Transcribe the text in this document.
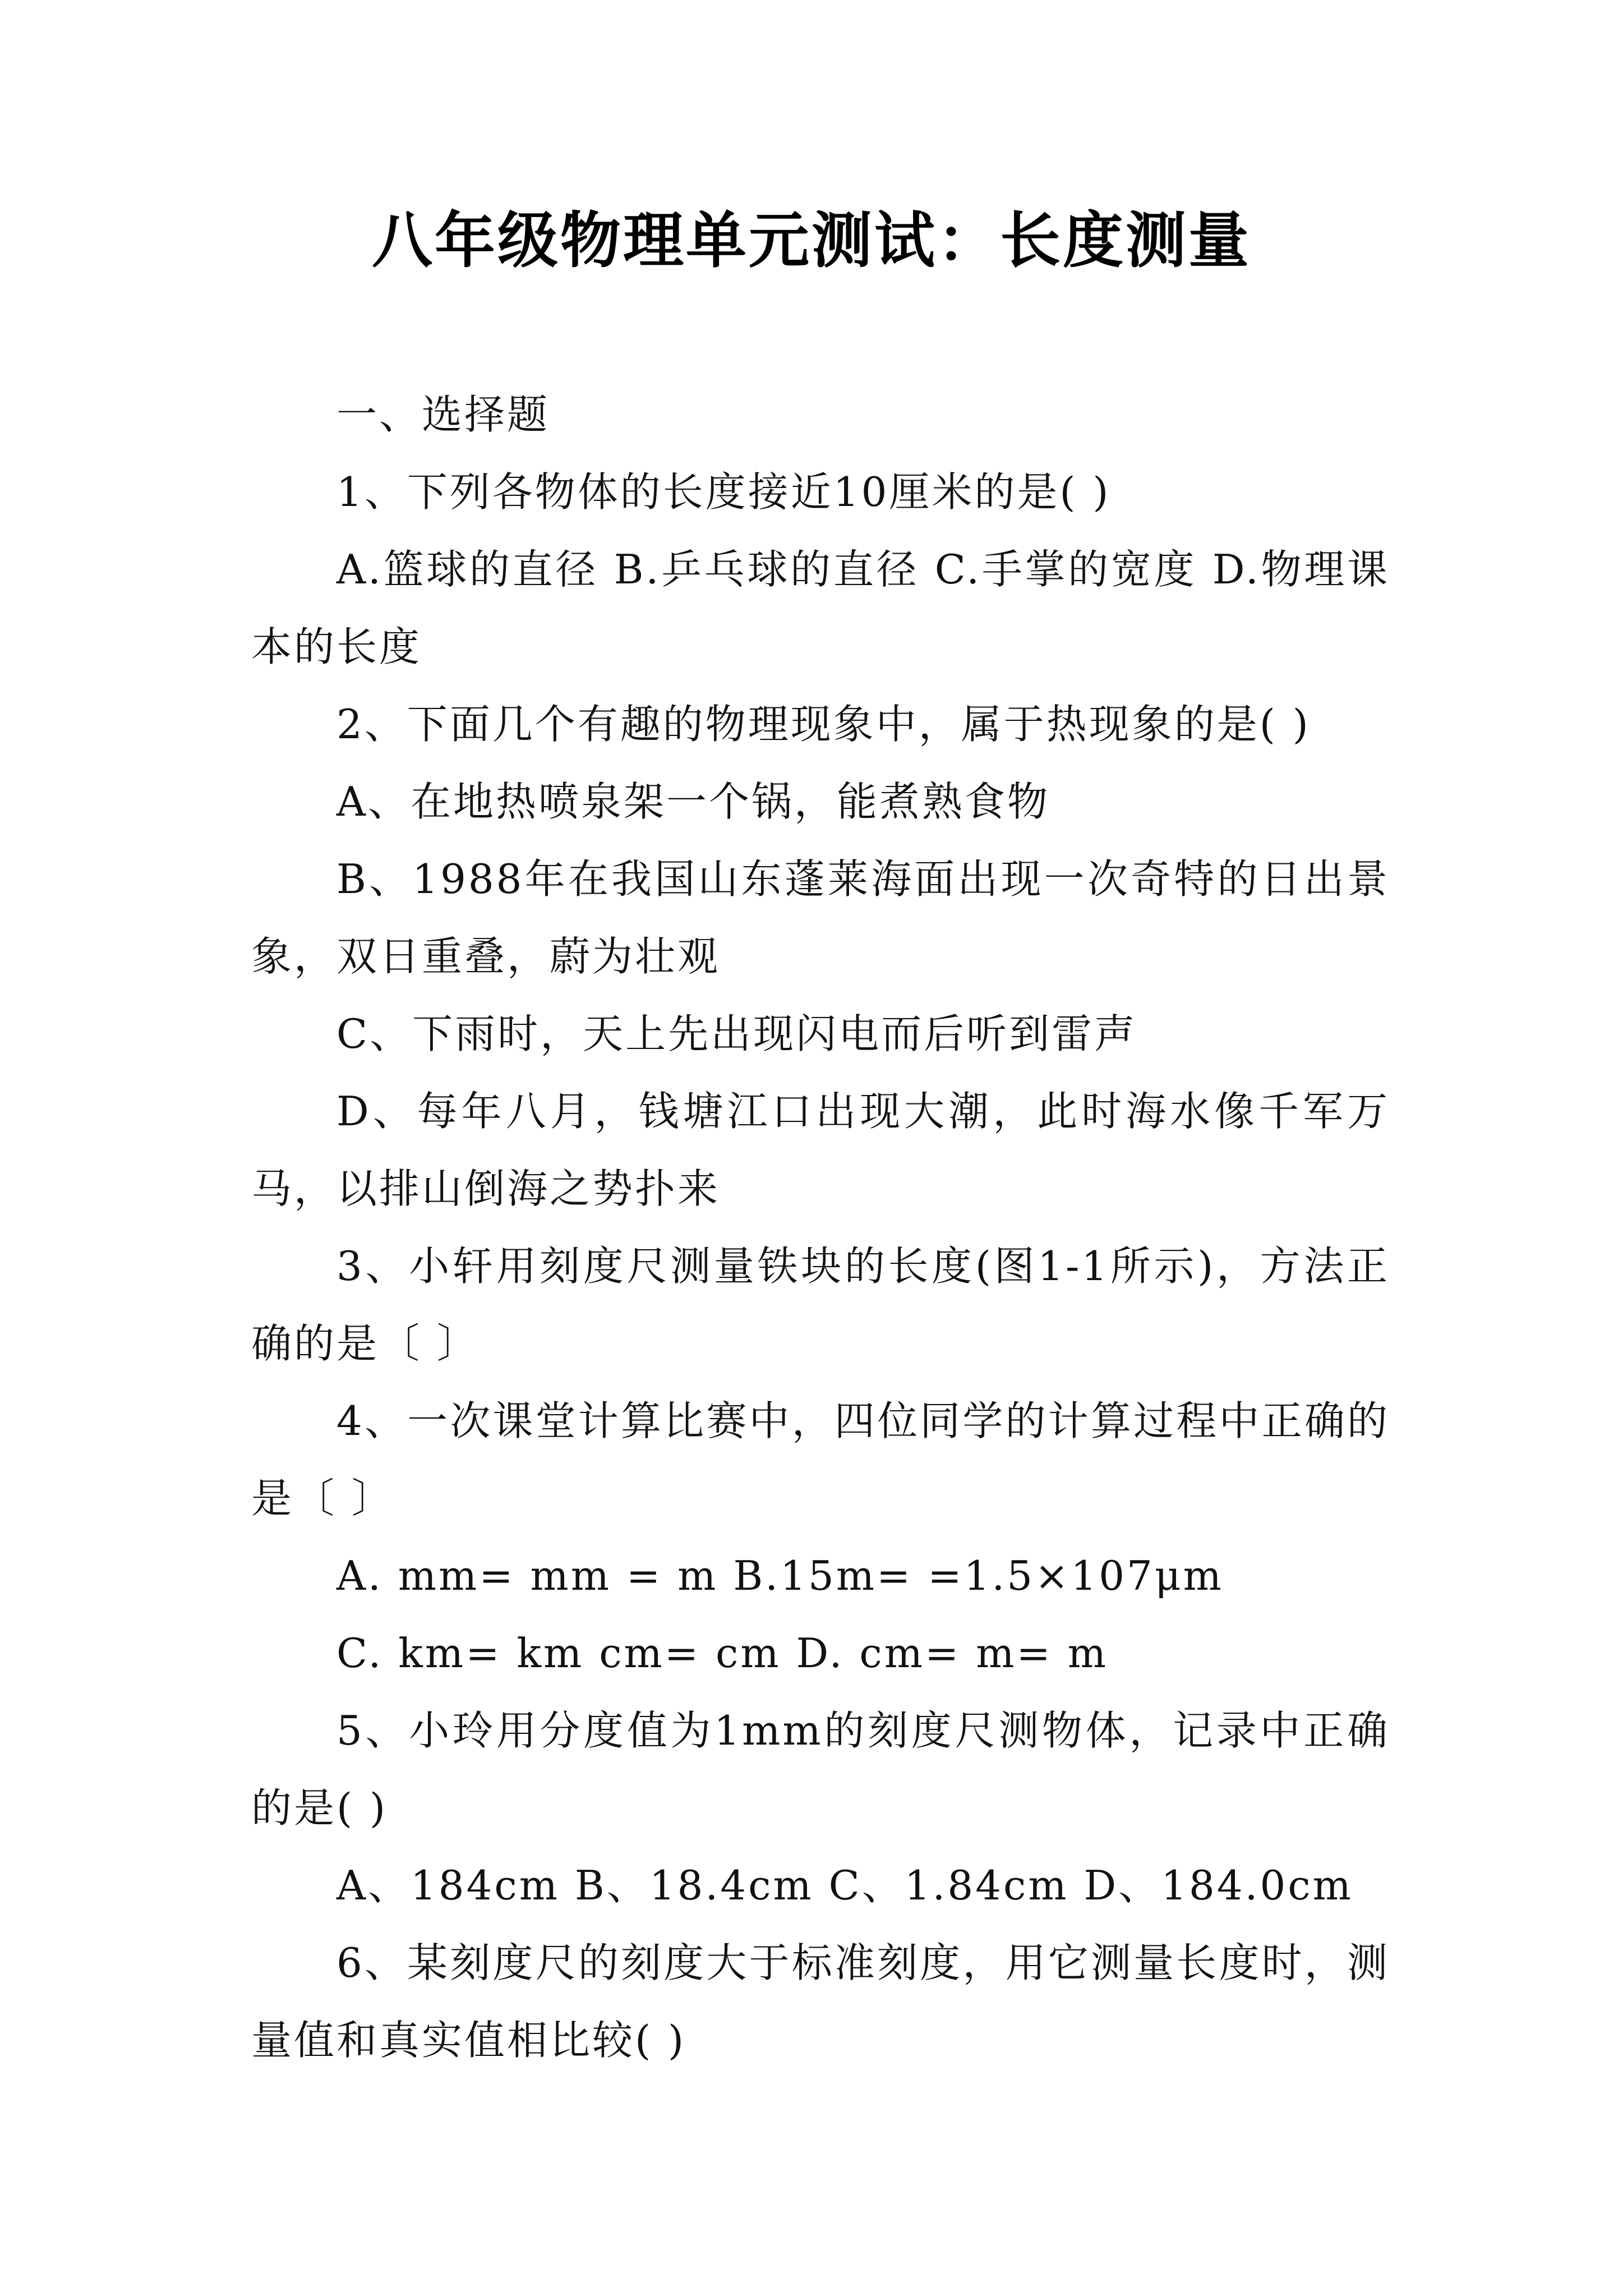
八年级物理单元测试：长度测量

一、选择题

1、下列各物体的长度接近10厘米的是( )

A.篮球的直径 B.乒乓球的直径 C.手掌的宽度 D.物理课本的长度

2、下面几个有趣的物理现象中，属于热现象的是( )

A、在地热喷泉架一个锅，能煮熟食物

B、1988年在我国山东蓬莱海面出现一次奇特的日出景象，双日重叠，蔚为壮观

C、下雨时，天上先出现闪电而后听到雷声

D、每年八月，钱塘江口出现大潮，此时海水像千军万马，以排山倒海之势扑来

3、小轩用刻度尺测量铁块的长度(图1-1所示)，方法正确的是〔 〕

4、一次课堂计算比赛中，四位同学的计算过程中正确的是〔 〕

A. mm= mm = m B.15m= =1.5×107μm

C. km= km cm= cm D. cm= m= m

5、小玲用分度值为1mm的刻度尺测物体，记录中正确的是( )

A、184cm B、18.4cm C、1.84cm D、184.0cm

6、某刻度尺的刻度大于标准刻度，用它测量长度时，测量值和真实值相比较( )
